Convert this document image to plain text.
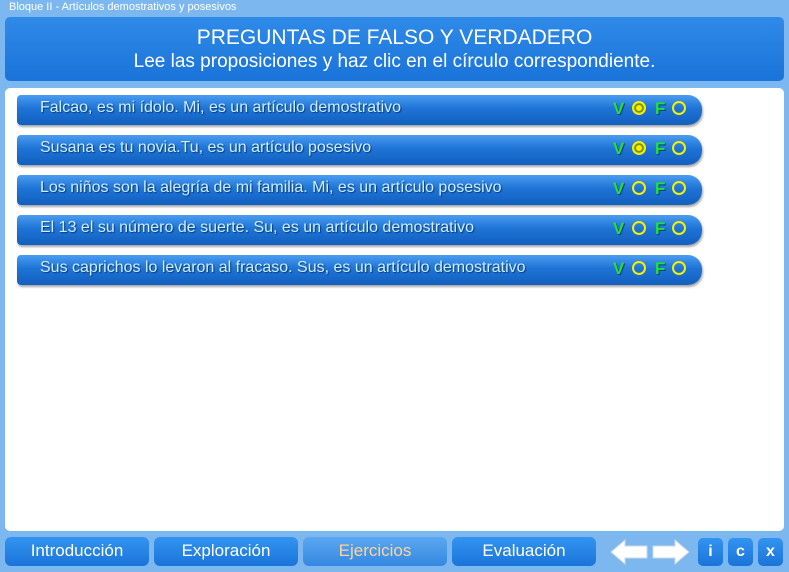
Bloque II - Artículos demostrativos y posesivos
PREGUNTAS DE FALSO Y VERDADERO
Lee las proposiciones y haz clic en el círculo correspondiente.
Falcao, es mi ídolo. Mi, es un artículo demostrativo	V F
Susana es tu novia.Tu, es un artículo posesivo	V F
Los niños son la alegría de mi familia. Mi, es un artículo posesivo	V F
El 13 el su número de suerte. Su, es un artículo demostrativo	V F
Sus caprichos lo levaron al fracaso. Sus, es un artículo demostrativo	V F
Introducción	Exploración	Ejercicios	Evaluación	i	c	x
